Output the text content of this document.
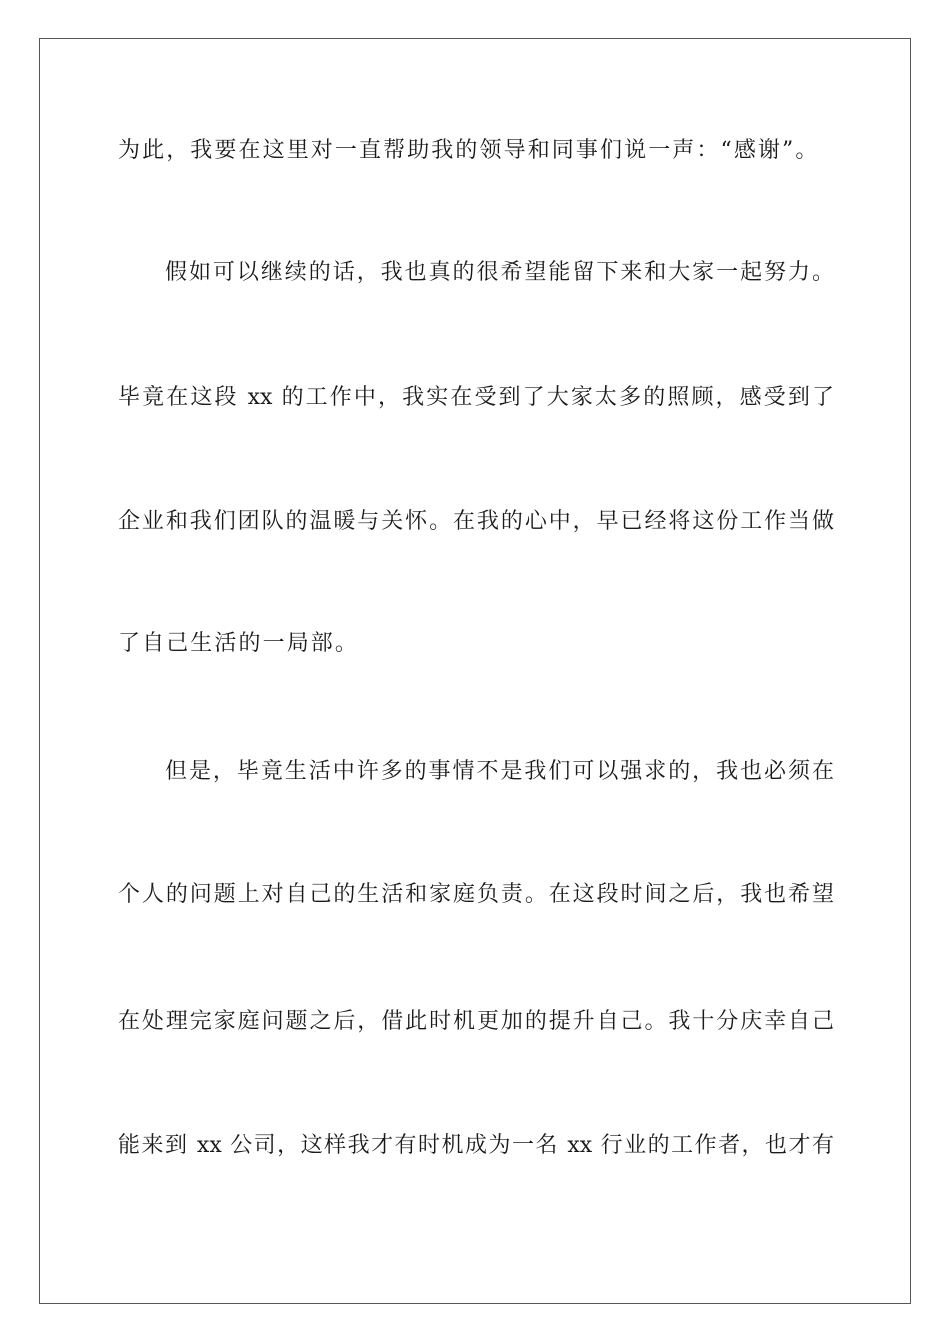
为此，我要在这里对一直帮助我的领导和同事们说一声：“感谢”。
假如可以继续的话，我也真的很希望能留下来和大家一起努力。
毕竟在这段 xx 的工作中，我实在受到了大家太多的照顾，感受到了
企业和我们团队的温暖与关怀。在我的心中，早已经将这份工作当做
了自己生活的一局部。
但是，毕竟生活中许多的事情不是我们可以强求的，我也必须在
个人的问题上对自己的生活和家庭负责。在这段时间之后，我也希望
在处理完家庭问题之后，借此时机更加的提升自己。我十分庆幸自己
能来到 xx 公司，这样我才有时机成为一名 xx 行业的工作者，也才有
